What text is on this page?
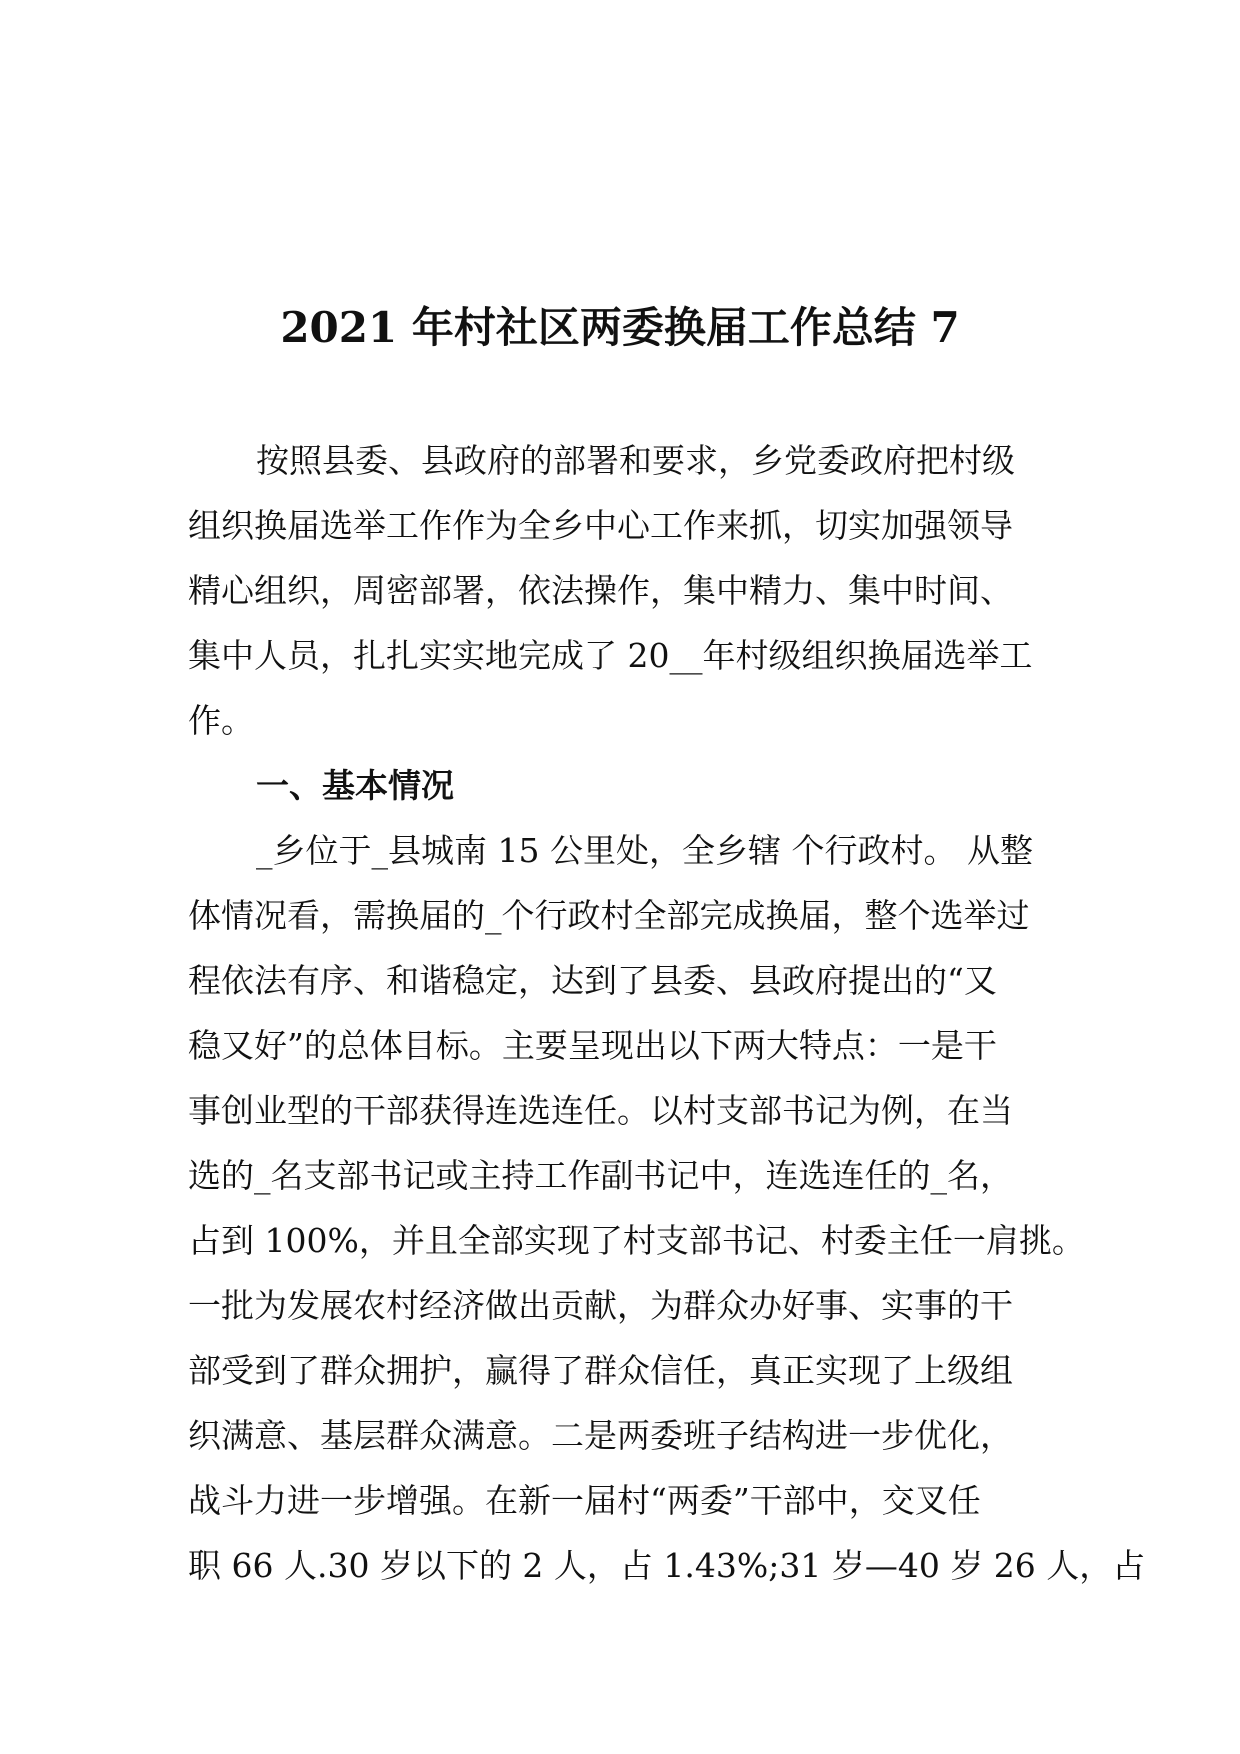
2021 年村社区两委换届工作总结 7
按照县委、县政府的部署和要求，乡党委政府把村级
组织换届选举工作作为全乡中心工作来抓，切实加强领导
精心组织，周密部署，依法操作，集中精力、集中时间、
集中人员，扎扎实实地完成了 20__年村级组织换届选举工
作。
一、基本情况
_乡位于_县城南 15 公里处，全乡辖 个行政村。 从整
体情况看，需换届的_个行政村全部完成换届，整个选举过
程依法有序、和谐稳定，达到了县委、县政府提出的“又
稳又好”的总体目标。主要呈现出以下两大特点：一是干
事创业型的干部获得连选连任。以村支部书记为例，在当
选的_名支部书记或主持工作副书记中，连选连任的_名，
占到 100%，并且全部实现了村支部书记、村委主任一肩挑。
一批为发展农村经济做出贡献，为群众办好事、实事的干
部受到了群众拥护，赢得了群众信任，真正实现了上级组
织满意、基层群众满意。二是两委班子结构进一步优化，
战斗力进一步增强。在新一届村“两委”干部中，交叉任
职 66 人.30 岁以下的 2 人，占 1.43%;31 岁—40 岁 26 人，占
